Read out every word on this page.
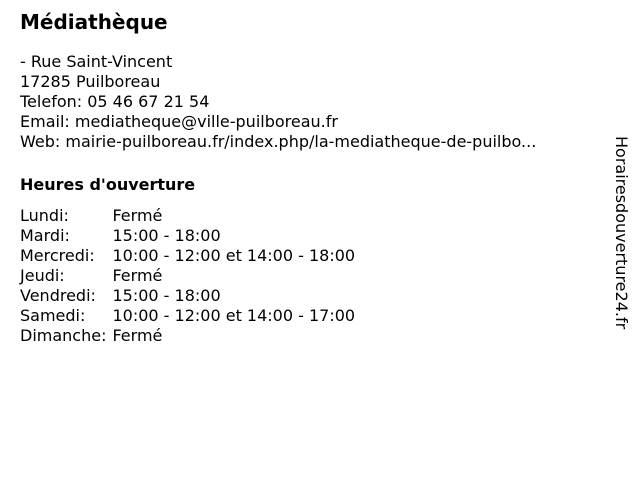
Médiathèque
- Rue Saint-Vincent
17285 Puilboreau
Telefon: 05 46 67 21 54
Email: mediatheque@ville-puilboreau.fr
Web: mairie-puilboreau.fr/index.php/la-mediatheque-de-puilbo...
Heures d'ouverture
Lundi:	Fermé
Mardi:	15:00 - 18:00
Mercredi:	10:00 - 12:00 et 14:00 - 18:00
Jeudi:	Fermé
Vendredi:	15:00 - 18:00
Samedi:	10:00 - 12:00 et 14:00 - 17:00
Dimanche:	Fermé
Horairesdouverture24.fr
